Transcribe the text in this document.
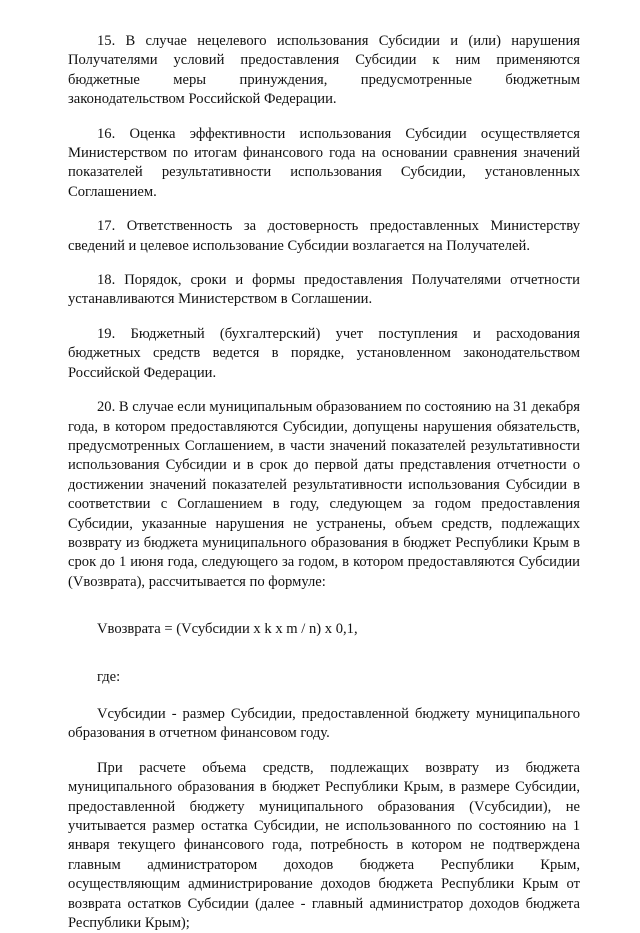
15. В случае нецелевого использования Субсидии и (или) нарушения Получателями условий предоставления Субсидии к ним применяются бюджетные меры принуждения, предусмотренные бюджетным законодательством Российской Федерации.

16. Оценка эффективности использования Субсидии осуществляется Министерством по итогам финансового года на основании сравнения значений показателей результативности использования Субсидии, установленных Соглашением.

17. Ответственность за достоверность предоставленных Министерству сведений и целевое использование Субсидии возлагается на Получателей.

18. Порядок, сроки и формы предоставления Получателями отчетности устанавливаются Министерством в Соглашении.

19. Бюджетный (бухгалтерский) учет поступления и расходования бюджетных средств ведется в порядке, установленном законодательством Российской Федерации.

20. В случае если муниципальным образованием по состоянию на 31 декабря года, в котором предоставляются Субсидии, допущены нарушения обязательств, предусмотренных Соглашением, в части значений показателей результативности использования Субсидии и в срок до первой даты представления отчетности о достижении значений показателей результативности использования Субсидии в соответствии с Соглашением в году, следующем за годом предоставления Субсидии, указанные нарушения не устранены, объем средств, подлежащих возврату из бюджета муниципального образования в бюджет Республики Крым в срок до 1 июня года, следующего за годом, в котором предоставляются Субсидии (Vвозврата), рассчитывается по формуле:

Vвозврата = (Vсубсидии х k х m / n) х 0,1,

где:

Vсубсидии - размер Субсидии, предоставленной бюджету муниципального образования в отчетном финансовом году.

При расчете объема средств, подлежащих возврату из бюджета муниципального образования в бюджет Республики Крым, в размере Субсидии, предоставленной бюджету муниципального образования (Vсубсидии), не учитывается размер остатка Субсидии, не использованного по состоянию на 1 января текущего финансового года, потребность в котором не подтверждена главным администратором доходов бюджета Республики Крым, осуществляющим администрирование доходов бюджета Республики Крым от возврата остатков Субсидии (далее - главный администратор доходов бюджета Республики Крым);
